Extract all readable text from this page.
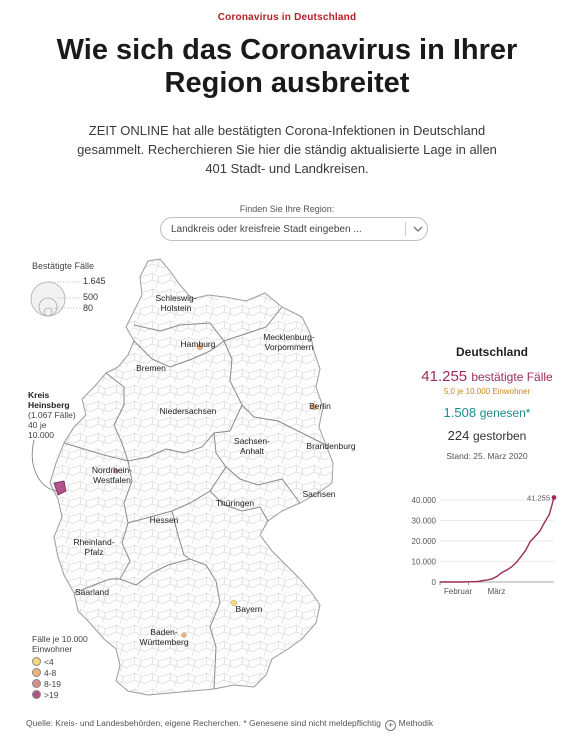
Coronavirus in Deutschland
Wie sich das Coronavirus in Ihrer Region ausbreitet

ZEIT ONLINE hat alle bestätigten Corona-Infektionen in Deutschland gesammelt. Recherchieren Sie hier die ständig aktualisierte Lage in allen 401 Stadt- und Landkreisen.

Finden Sie Ihre Region:
Landkreis oder kreisfreie Stadt eingeben ...
Bestätigte Fälle
1.645
500
80
Kreis Heinsberg
(1.067 Fälle)
40 je
10.000
Schleswig-
Holstein
Hamburg
Mecklenburg-
Vorpommern
Bremen
Niedersachsen	Berlin
Sachsen-
Anhalt	Brandenburg
Nordrhein-
Westfalen
Sachsen
Thüringen
Hessen
Rheinland-
Pfalz
Saarland
Bayern
Baden-
Württemberg
Fälle je 10.000
Einwohner
<4
4-8
8-19
>19
Deutschland
41.255 bestätigte Fälle
5,0 je 10.000 Einwohner
1.508 genesen*
224 gestorben
Stand: 25. März 2020
40.000
30.000
20.000
10.000
0
41.255
Februar März
Quelle: Kreis- und Landesbehörden, eigene Recherchen. * Genesene sind nicht meldepflichtig + Methodik
